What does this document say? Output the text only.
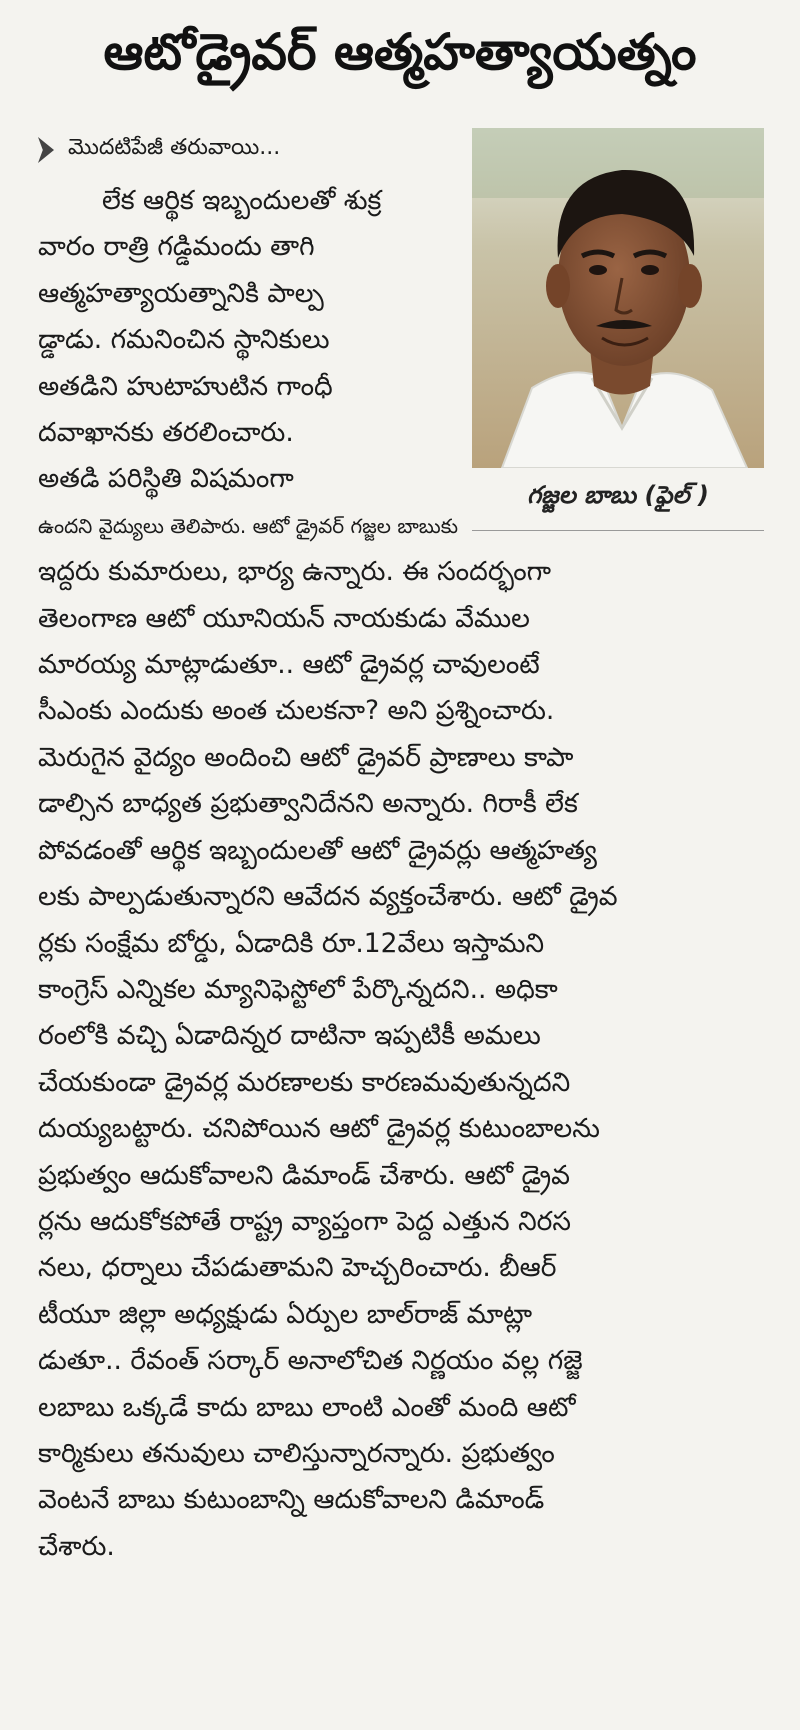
ఆటోడ్రైవర్ ఆత్మహత్యాయత్నం
మొదటిపేజీ తరువాయి...
గజ్జల బాబు (ఫైల్ )
లేక ఆర్థిక ఇబ్బందులతో శుక్ర
వారం రాత్రి గడ్డిమందు తాగి
ఆత్మహత్యాయత్నానికి పాల్ప
డ్డాడు. గమనించిన స్థానికులు
అతడిని హుటాహుటిన గాంధీ
దవాఖానకు తరలించారు.
అతడి పరిస్థితి విషమంగా
ఉందని వైద్యులు తెలిపారు. ఆటో డ్రైవర్ గజ్జల బాబుకు
ఇద్దరు కుమారులు, భార్య ఉన్నారు. ఈ సందర్భంగా
తెలంగాణ ఆటో యూనియన్ నాయకుడు వేముల
మారయ్య మాట్లాడుతూ.. ఆటో డ్రైవర్ల చావులంటే
సీఎంకు ఎందుకు అంత చులకనా? అని ప్రశ్నించారు.
మెరుగైన వైద్యం అందించి ఆటో డ్రైవర్ ప్రాణాలు కాపా
డాల్సిన బాధ్యత ప్రభుత్వానిదేనని అన్నారు. గిరాకీ లేక
పోవడంతో ఆర్థిక ఇబ్బందులతో ఆటో డ్రైవర్లు ఆత్మహత్య
లకు పాల్పడుతున్నారని ఆవేదన వ్యక్తంచేశారు. ఆటో డ్రైవ
ర్లకు సంక్షేమ బోర్డు, ఏడాదికి రూ.12వేలు ఇస్తామని
కాంగ్రెస్ ఎన్నికల మ్యానిఫెస్టోలో పేర్కొన్నదని.. అధికా
రంలోకి వచ్చి ఏడాదిన్నర దాటినా ఇప్పటికీ అమలు
చేయకుండా డ్రైవర్ల మరణాలకు కారణమవుతున్నదని
దుయ్యబట్టారు. చనిపోయిన ఆటో డ్రైవర్ల కుటుంబాలను
ప్రభుత్వం ఆదుకోవాలని డిమాండ్ చేశారు. ఆటో డ్రైవ
ర్లను ఆదుకోకపోతే రాష్ట్ర వ్యాప్తంగా పెద్ద ఎత్తున నిరస
నలు, ధర్నాలు చేపడుతామని హెచ్చరించారు. బీఆర్
టీయూ జిల్లా అధ్యక్షుడు ఏర్పుల బాల్‌రాజ్ మాట్లా
డుతూ.. రేవంత్ సర్కార్ అనాలోచిత నిర్ణయం వల్ల గజ్జె
లబాబు ఒక్కడే కాదు బాబు లాంటి ఎంతో మంది ఆటో
కార్మికులు తనువులు చాలిస్తున్నారన్నారు. ప్రభుత్వం
వెంటనే బాబు కుటుంబాన్ని ఆదుకోవాలని డిమాండ్
చేశారు.
